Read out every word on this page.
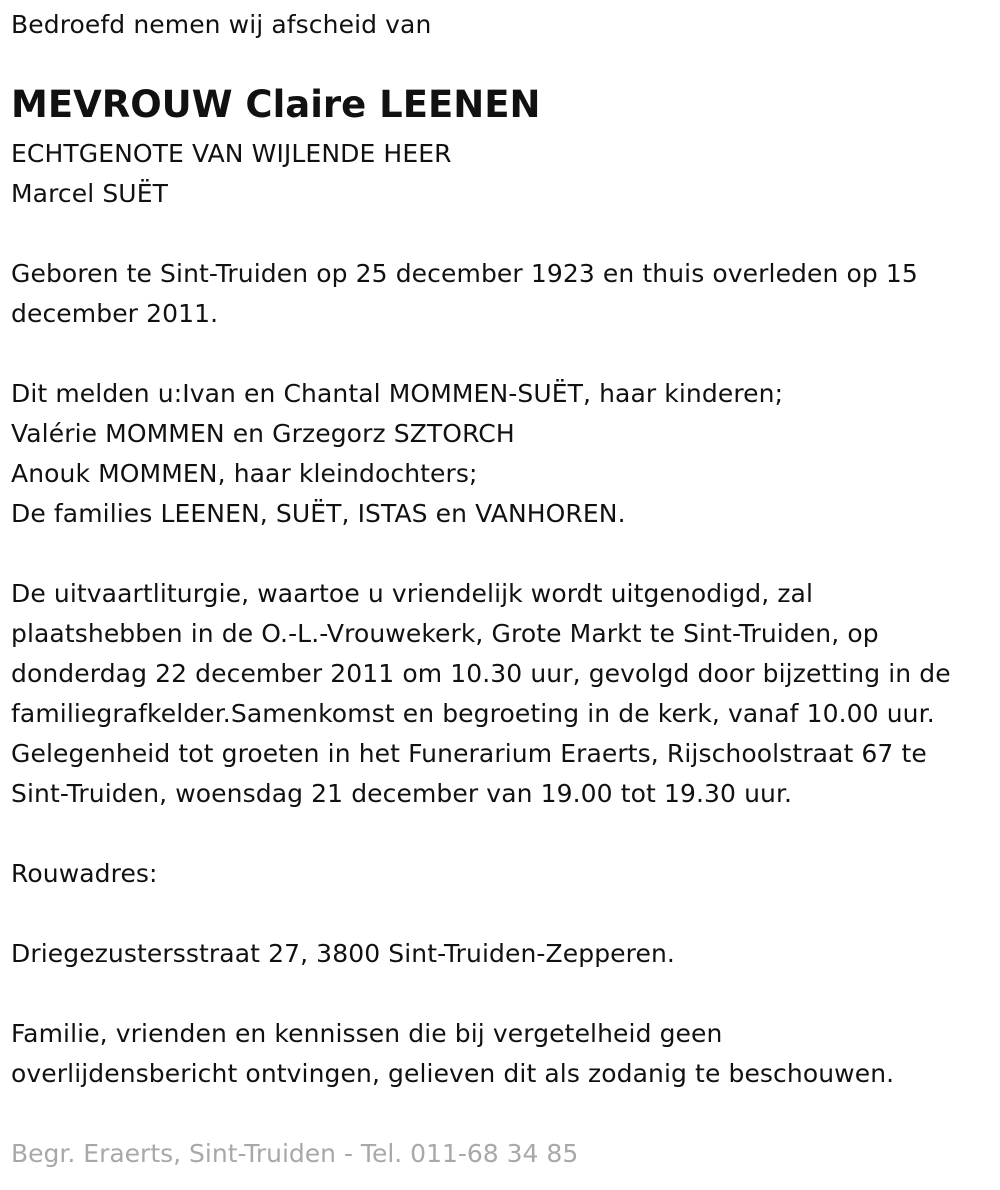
Bedroefd nemen wij afscheid van
MEVROUW Claire LEENEN
ECHTGENOTE VAN WIJLENDE HEER
Marcel SUËT
Geboren te Sint-Truiden op 25 december 1923 en thuis overleden op 15
december 2011.
Dit melden u:Ivan en Chantal MOMMEN-SUËT, haar kinderen;
Valérie MOMMEN en Grzegorz SZTORCH
Anouk MOMMEN, haar kleindochters;
De families LEENEN, SUËT, ISTAS en VANHOREN.
De uitvaartliturgie, waartoe u vriendelijk wordt uitgenodigd, zal
plaatshebben in de O.-L.-Vrouwekerk, Grote Markt te Sint-Truiden, op
donderdag 22 december 2011 om 10.30 uur, gevolgd door bijzetting in de
familiegrafkelder.Samenkomst en begroeting in de kerk, vanaf 10.00 uur.
Gelegenheid tot groeten in het Funerarium Eraerts, Rijschoolstraat 67 te
Sint-Truiden, woensdag 21 december van 19.00 tot 19.30 uur.
Rouwadres:
Driegezustersstraat 27, 3800 Sint-Truiden-Zepperen.
Familie, vrienden en kennissen die bij vergetelheid geen
overlijdensbericht ontvingen, gelieven dit als zodanig te beschouwen.
Begr. Eraerts, Sint-Truiden - Tel. 011-68 34 85
